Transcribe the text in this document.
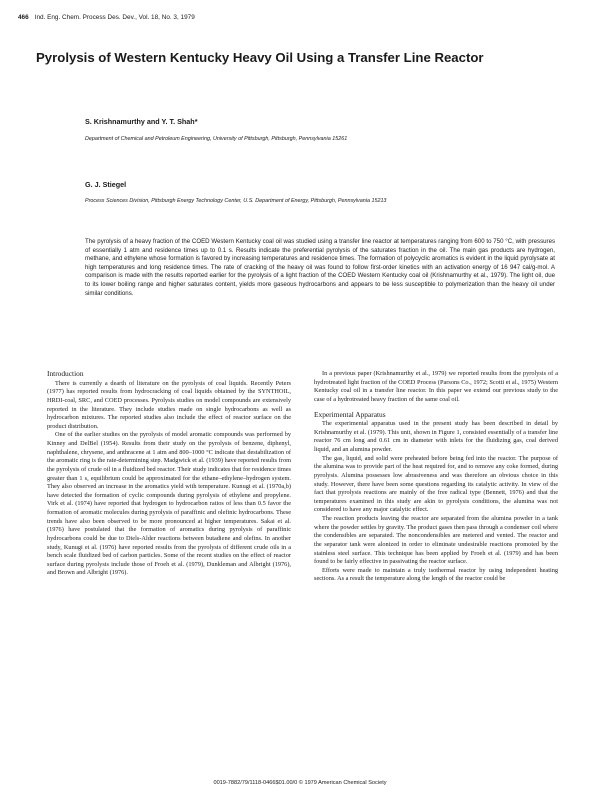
466 Ind. Eng. Chem. Process Des. Dev., Vol. 18, No. 3, 1979
Pyrolysis of Western Kentucky Heavy Oil Using a Transfer Line Reactor
S. Krishnamurthy and Y. T. Shah*
Department of Chemical and Petroleum Engineering, University of Pittsburgh, Pittsburgh, Pennsylvania 15261
G. J. Stiegel
Process Sciences Division, Pittsburgh Energy Technology Center, U.S. Department of Energy, Pittsburgh, Pennsylvania 15213
The pyrolysis of a heavy fraction of the COED Western Kentucky coal oil was studied using a transfer line reactor at temperatures ranging from 600 to 750 °C, with pressures of essentially 1 atm and residence times up to 0.1 s. Results indicate the preferential pyrolysis of the saturates fraction in the oil. The main gas products are hydrogen, methane, and ethylene whose formation is favored by increasing temperatures and residence times. The formation of polycyclic aromatics is evident in the liquid pyrolysate at high temperatures and long residence times. The rate of cracking of the heavy oil was found to follow first-order kinetics with an activation energy of 16 947 cal/g-mol. A comparison is made with the results reported earlier for the pyrolysis of a light fraction of the COED Western Kentucky coal oil (Krishnamurthy et al., 1979). The light oil, due to its lower boiling range and higher saturates content, yields more gaseous hydrocarbons and appears to be less susceptible to polymerization than the heavy oil under similar conditions.
Introduction

There is currently a dearth of literature on the pyrolysis of coal liquids. Recently Peters (1977) has reported results from hydrocracking of coal liquids obtained by the SYNTHOIL, HRDI-coal, SRC, and COED processes. Pyrolysis studies on model compounds are extensively reported in the literature. They include studies made on single hydrocarbons as well as hydrocarbon mixtures. The reported studies also include the effect of reactor surface on the product distribution.

One of the earlier studies on the pyrolysis of model aromatic compounds was performed by Kinney and DelBel (1954). Results from their study on the pyrolysis of benzene, diphenyl, naphthalene, chrysene, and anthracene at 1 atm and 800–1000 °C indicate that destabilization of the aromatic ring is the rate-determining step. Madgwick et al. (1939) have reported results from the pyrolysis of crude oil in a fluidized bed reactor. Their study indicates that for residence times greater than 1 s, equilibrium could be approximated for the ethane–ethylene–hydrogen system. They also observed an increase in the aromatics yield with temperature. Kunugi et al. (1970a,b) have detected the formation of cyclic compounds during pyrolysis of ethylene and propylene. Virk et al. (1974) have reported that hydrogen to hydrocarbon ratios of less than 0.5 favor the formation of aromatic molecules during pyrolysis of paraffinic and olefinic hydrocarbons. These trends have also been observed to be more pronounced at higher temperatures. Sakai et al. (1976) have postulated that the formation of aromatics during pyrolysis of paraffinic hydrocarbons could be due to Diels-Alder reactions between butadiene and olefins. In another study, Kunugi et al. (1976) have reported results from the pyrolysis of different crude oils in a bench scale fluidized bed of carbon particles. Some of the recent studies on the effect of reactor surface during pyrolysis include those of Froeh et al. (1979), Dunkleman and Albright (1976), and Brown and Albright (1976).

In a previous paper (Krishnamurthy et al., 1979) we reported results from the pyrolysis of a hydrotreated light fraction of the COED Process (Parsons Co., 1972; Scotti et al., 1975) Western Kentucky coal oil in a transfer line reactor. In this paper we extend our previous study to the case of a hydrotreated heavy fraction of the same coal oil.

Experimental Apparatus

The experimental apparatus used in the present study has been described in detail by Krishnamurthy et al. (1979). This unit, shown in Figure 1, consisted essentially of a transfer line reactor 76 cm long and 0.61 cm in diameter with inlets for the fluidizing gas, coal derived liquid, and an alumina powder.

The gas, liquid, and solid were preheated before being fed into the reactor. The purpose of the alumina was to provide part of the heat required for, and to remove any coke formed, during pyrolysis. Alumina possesses low abrasiveness and was therefore an obvious choice in this study. However, there have been some questions regarding its catalytic activity. In view of the fact that pyrolysis reactions are mainly of the free radical type (Bennett, 1976) and that the temperatures examined in this study are akin to pyrolysis conditions, the alumina was not considered to have any major catalytic effect.

The reaction products leaving the reactor are separated from the alumina powder in a tank where the powder settles by gravity. The product gases then pass through a condenser coil where the condensibles are separated. The noncondensibles are metered and vented. The reactor and the separator tank were alonized in order to eliminate undesirable reactions promoted by the stainless steel surface. This technique has been applied by Froeh et al. (1979) and has been found to be fairly effective in passivating the reactor surface.

Efforts were made to maintain a truly isothermal reactor by using independent heating sections. As a result the temperature along the length of the reactor could be

0019-7882/79/1118-0466$01.00/0 © 1979 American Chemical Society
